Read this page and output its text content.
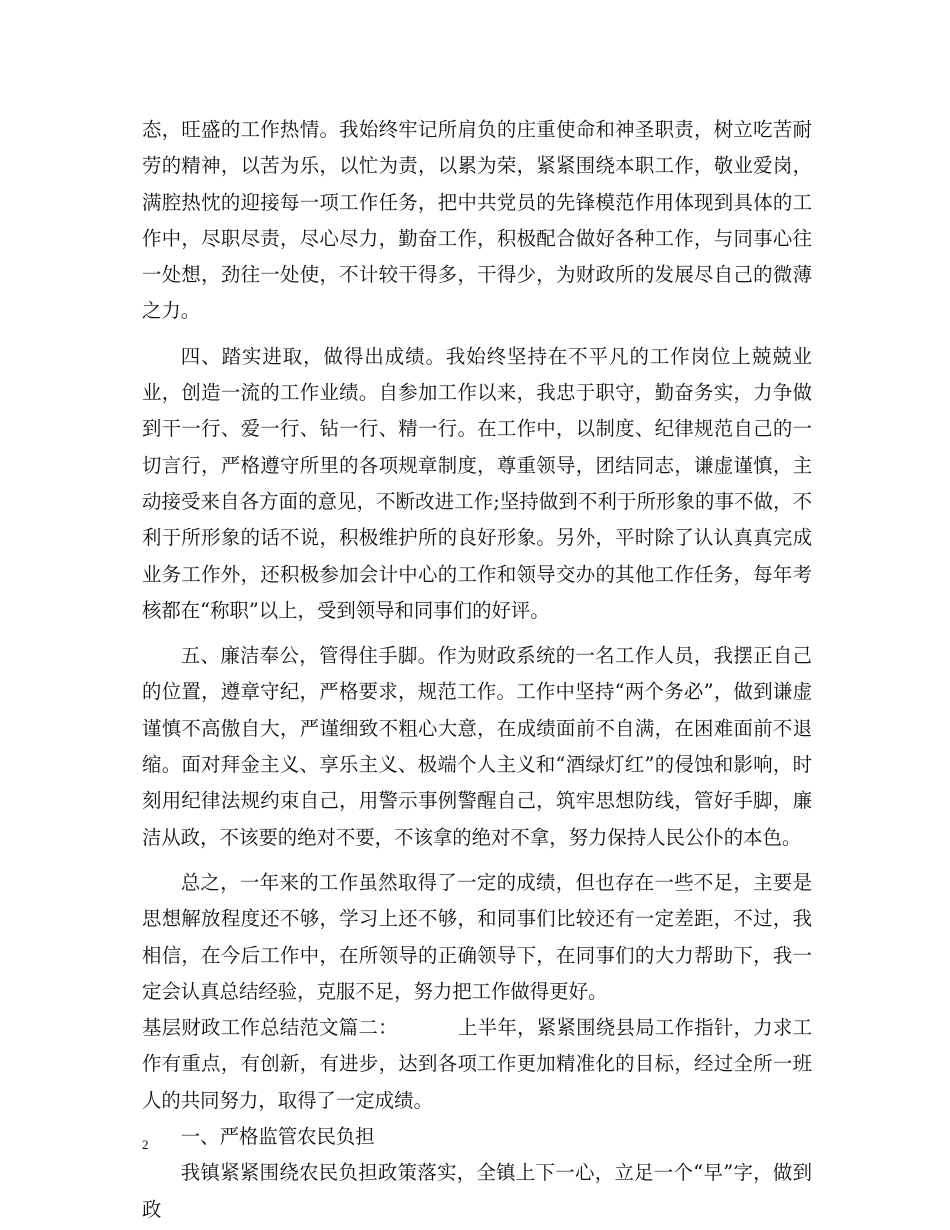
态，旺盛的工作热情。我始终牢记所肩负的庄重使命和神圣职责，树立吃苦耐劳的精神，以苦为乐，以忙为责，以累为荣，紧紧围绕本职工作，敬业爱岗，满腔热忱的迎接每一项工作任务，把中共党员的先锋模范作用体现到具体的工作中，尽职尽责，尽心尽力，勤奋工作，积极配合做好各种工作，与同事心往一处想，劲往一处使，不计较干得多，干得少，为财政所的发展尽自己的微薄之力。

四、踏实进取，做得出成绩。我始终坚持在不平凡的工作岗位上兢兢业业，创造一流的工作业绩。自参加工作以来，我忠于职守，勤奋务实，力争做到干一行、爱一行、钻一行、精一行。在工作中，以制度、纪律规范自己的一切言行，严格遵守所里的各项规章制度，尊重领导，团结同志，谦虚谨慎，主动接受来自各方面的意见，不断改进工作;坚持做到不利于所形象的事不做，不利于所形象的话不说，积极维护所的良好形象。另外，平时除了认认真真完成业务工作外，还积极参加会计中心的工作和领导交办的其他工作任务，每年考核都在“称职”以上，受到领导和同事们的好评。

五、廉洁奉公，管得住手脚。作为财政系统的一名工作人员，我摆正自己的位置，遵章守纪，严格要求，规范工作。工作中坚持“两个务必”，做到谦虚谨慎不高傲自大，严谨细致不粗心大意，在成绩面前不自满，在困难面前不退缩。面对拜金主义、享乐主义、极端个人主义和“酒绿灯红”的侵蚀和影响，时刻用纪律法规约束自己，用警示事例警醒自己，筑牢思想防线，管好手脚，廉洁从政，不该要的绝对不要，不该拿的绝对不拿，努力保持人民公仆的本色。

总之，一年来的工作虽然取得了一定的成绩，但也存在一些不足，主要是思想解放程度还不够，学习上还不够，和同事们比较还有一定差距，不过，我相信，在今后工作中，在所领导的正确领导下，在同事们的大力帮助下，我一定会认真总结经验，克服不足，努力把工作做得更好。

基层财政工作总结范文篇二：	上半年，紧紧围绕县局工作指针，力求工作有重点，有创新，有进步，达到各项工作更加精准化的目标，经过全所一班人的共同努力，取得了一定成绩。

一、严格监管农民负担

我镇紧紧围绕农民负担政策落实，全镇上下一心，立足一个“早”字，做到政

2
